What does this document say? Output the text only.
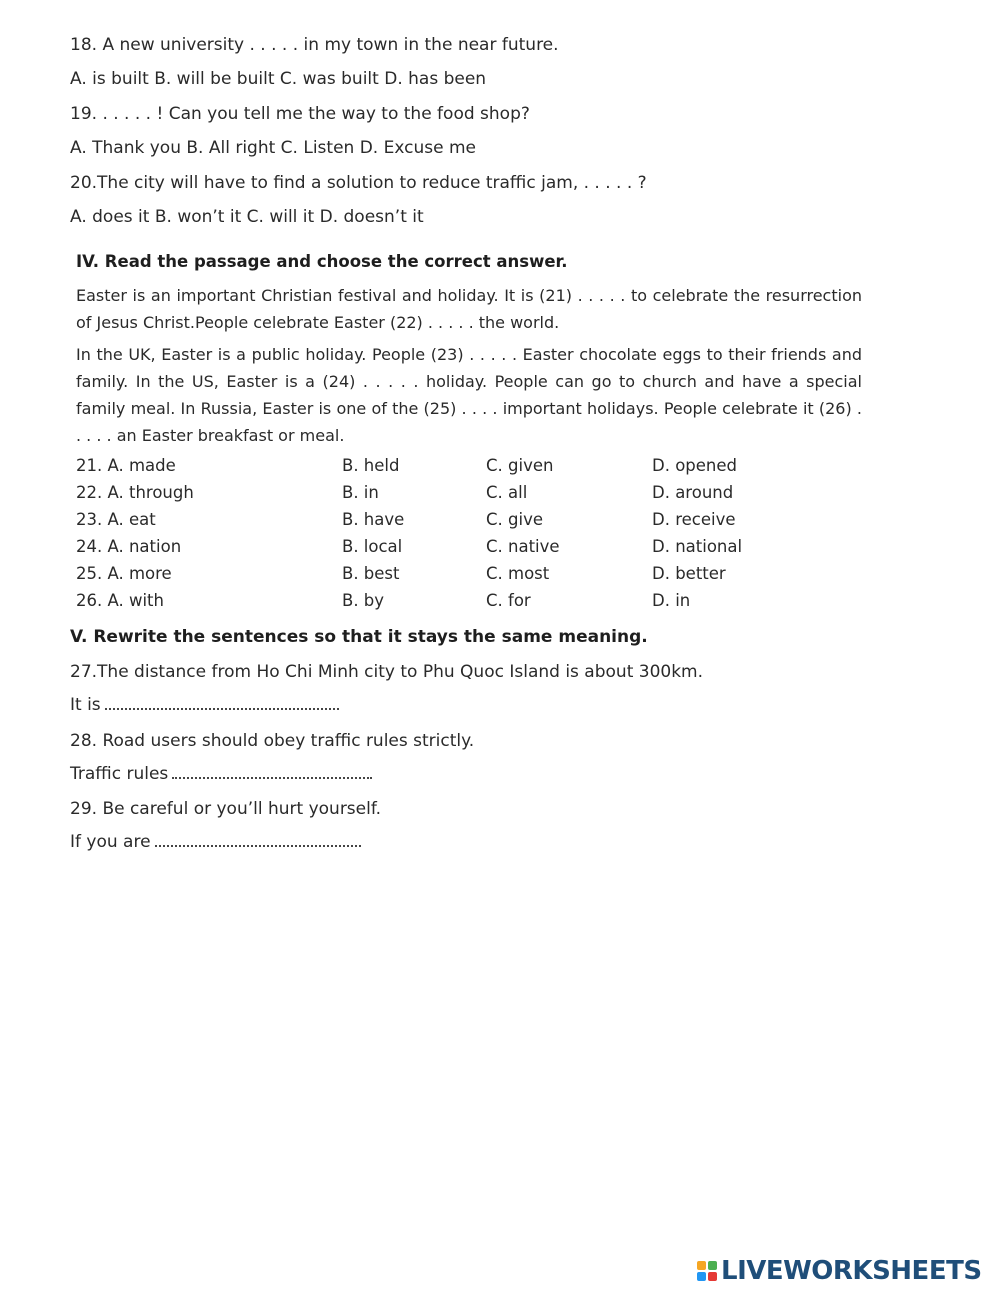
18. A new university . . . . . in my town in the near future.
A. is built B. will be built C. was built D. has been
19. . . . . . ! Can you tell me the way to the food shop?
A. Thank you B. All right C. Listen D. Excuse me
20.The city will have to find a solution to reduce traffic jam, . . . . . ?
A. does it B. won’t it C. will it D. doesn’t it
IV. Read the passage and choose the correct answer.
Easter is an important Christian festival and holiday. It is (21) . . . . . to celebrate the resurrection of Jesus Christ.People celebrate Easter (22) . . . . . the world.
In the UK, Easter is a public holiday. People (23) . . . . . Easter chocolate eggs to their friends and family. In the US, Easter is a (24) . . . . . holiday. People can go to church and have a special family meal. In Russia, Easter is one of the (25) . . . . important holidays. People celebrate it (26) . . . . . an Easter breakfast or meal.
21. A. made	B. held	C. given	D. opened
22. A. through	B. in	C. all	D. around
23. A. eat	B. have	C. give	D. receive
24. A. nation	B. local	C. native	D. national
25. A. more	B. best	C. most	D. better
26. A. with	B. by	C. for	D. in
V. Rewrite the sentences so that it stays the same meaning.
27.The distance from Ho Chi Minh city to Phu Quoc Island is about 300km.
It is
28. Road users should obey traffic rules strictly.
Traffic rules
29. Be careful or you’ll hurt yourself.
If you are
LIVEWORKSHEETS
